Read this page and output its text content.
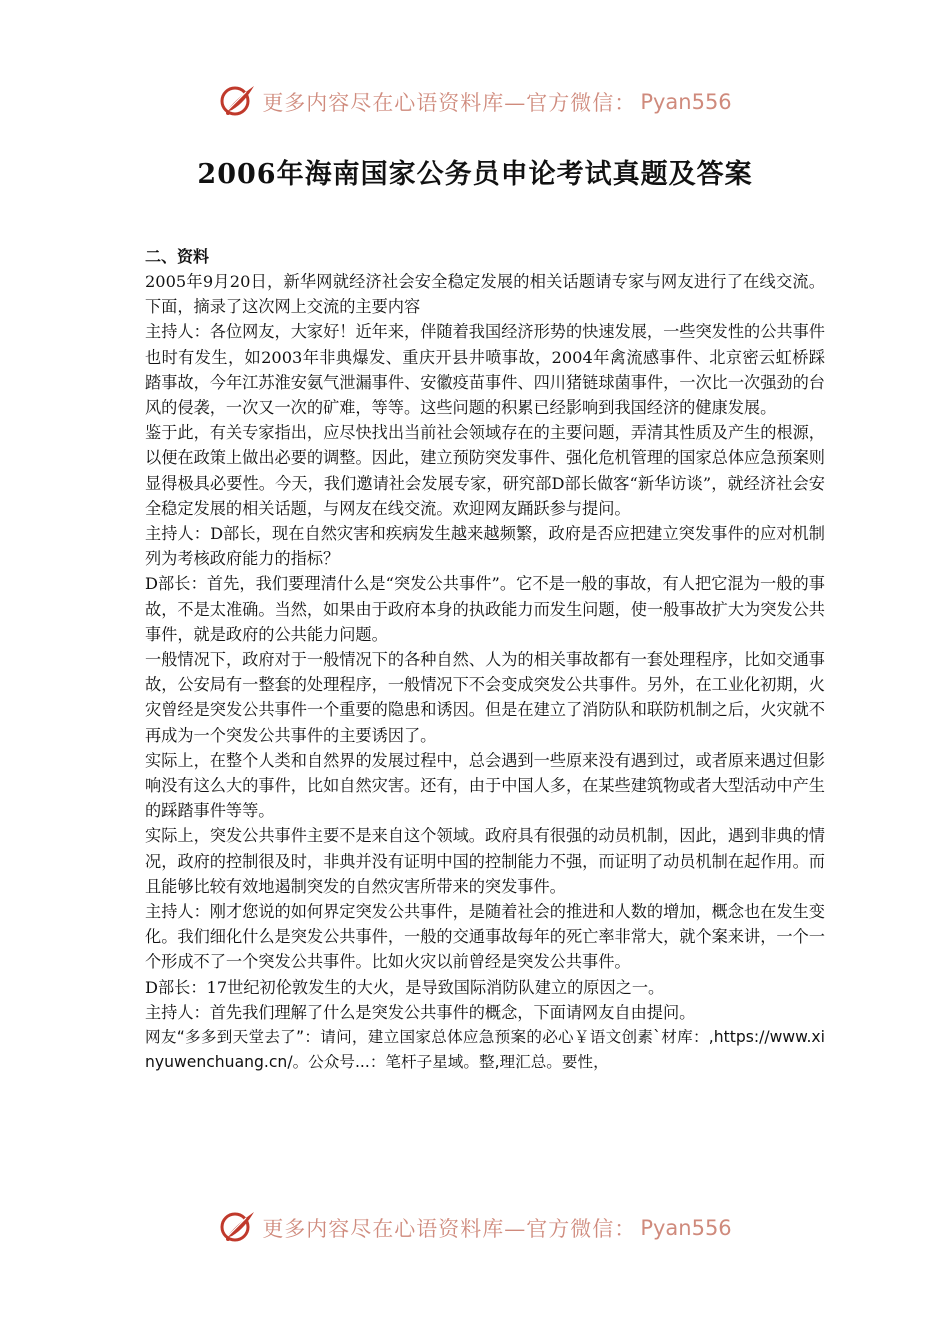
更多内容尽在心语资料库—官方微信： Pyan556
2006年海南国家公务员申论考试真题及答案

二、资料

2005年9月20日，新华网就经济社会安全稳定发展的相关话题请专家与网友进行了在线交流。下面，摘录了这次网上交流的主要内容

主持人：各位网友，大家好！近年来，伴随着我国经济形势的快速发展，一些突发性的公共事件也时有发生，如2003年非典爆发、重庆开县井喷事故，2004年禽流感事件、北京密云虹桥踩踏事故，今年江苏淮安氨气泄漏事件、安徽疫苗事件、四川猪链球菌事件，一次比一次强劲的台风的侵袭，一次又一次的矿难，等等。这些问题的积累已经影响到我国经济的健康发展。

鉴于此，有关专家指出，应尽快找出当前社会领域存在的主要问题，弄清其性质及产生的根源，以便在政策上做出必要的调整。因此，建立预防突发事件、强化危机管理的国家总体应急预案则显得极具必要性。今天，我们邀请社会发展专家，研究部D部长做客“新华访谈”，就经济社会安全稳定发展的相关话题，与网友在线交流。欢迎网友踊跃参与提问。

主持人：D部长，现在自然灾害和疾病发生越来越频繁，政府是否应把建立突发事件的应对机制列为考核政府能力的指标？

D部长：首先，我们要理清什么是“突发公共事件”。它不是一般的事故，有人把它混为一般的事故，不是太准确。当然，如果由于政府本身的执政能力而发生问题，使一般事故扩大为突发公共事件，就是政府的公共能力问题。

一般情况下，政府对于一般情况下的各种自然、人为的相关事故都有一套处理程序，比如交通事故，公安局有一整套的处理程序，一般情况下不会变成突发公共事件。另外，在工业化初期，火灾曾经是突发公共事件一个重要的隐患和诱因。但是在建立了消防队和联防机制之后，火灾就不再成为一个突发公共事件的主要诱因了。

实际上，在整个人类和自然界的发展过程中，总会遇到一些原来没有遇到过，或者原来遇过但影响没有这么大的事件，比如自然灾害。还有，由于中国人多，在某些建筑物或者大型活动中产生的踩踏事件等等。

实际上，突发公共事件主要不是来自这个领域。政府具有很强的动员机制，因此，遇到非典的情况，政府的控制很及时，非典并没有证明中国的控制能力不强，而证明了动员机制在起作用。而且能够比较有效地遏制突发的自然灾害所带来的突发事件。

主持人：刚才您说的如何界定突发公共事件，是随着社会的推进和人数的增加，概念也在发生变化。我们细化什么是突发公共事件，一般的交通事故每年的死亡率非常大，就个案来讲，一个一个形成不了一个突发公共事件。比如火灾以前曾经是突发公共事件。

D部长：17世纪初伦敦发生的大火，是导致国际消防队建立的原因之一。

主持人：首先我们理解了什么是突发公共事件的概念，下面请网友自由提问。

网友“多多到天堂去了”：请问，建立国家总体应急预案的必心￥语文创素`材库：,https://www.xinyuwenchuang.cn/。公众号...：笔杆子星域。整,理汇总。要性，

更多内容尽在心语资料库—官方微信： Pyan556
